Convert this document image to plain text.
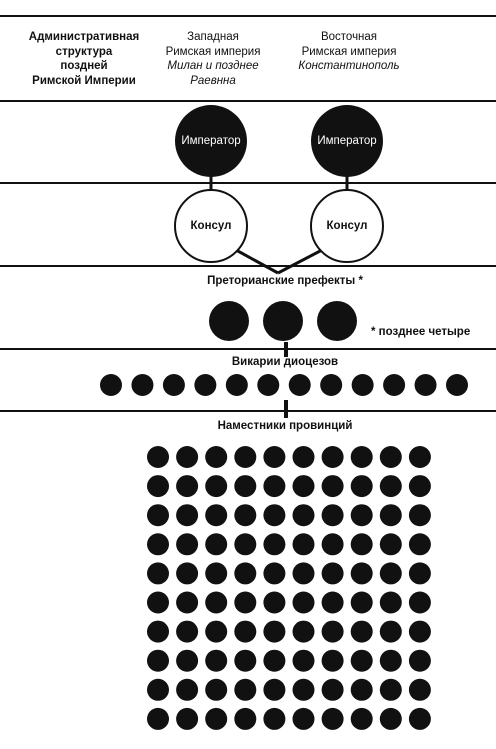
Административная
структура
поздней
Римской Империи
Западная
Римская империя
Милан и позднее
Раевнна
Восточная
Римская империя
Константинополь
Император	Император
Консул	Консул
Преторианские префекты *
* позднее четыре
Викарии диоцезов
Наместники провинций
